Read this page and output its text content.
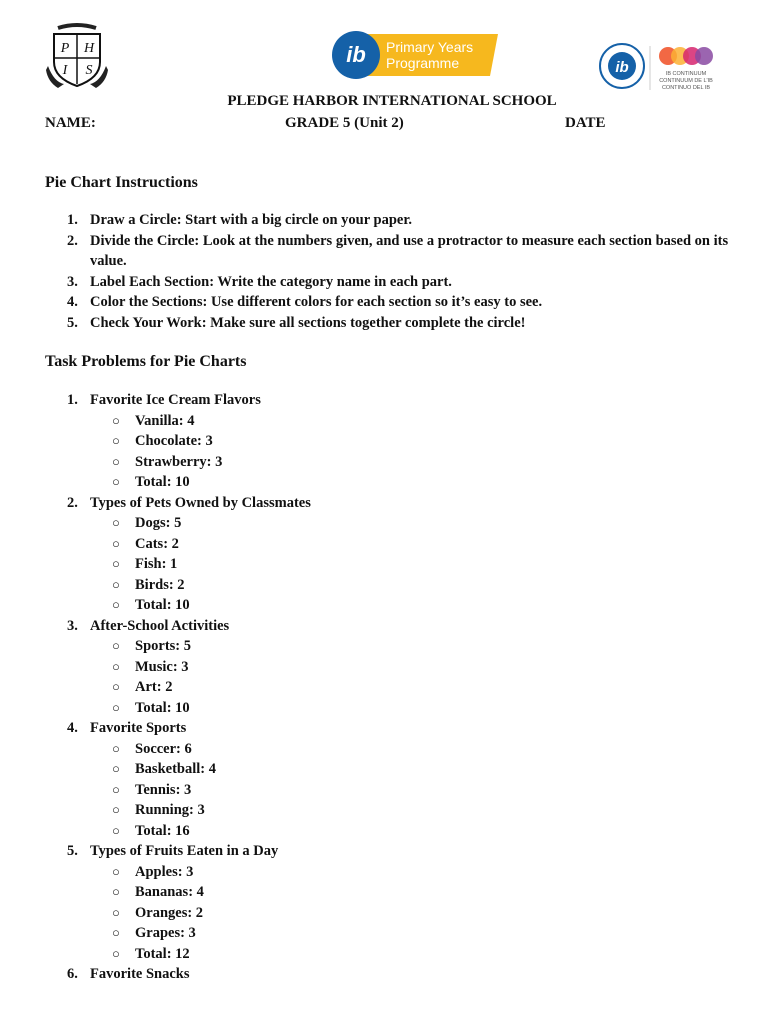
P H
I S
ib Primary Years
Programme	ib	IB CONTINUUM
CONTINUUM DE L'IB
CONTINUO DEL IB
PLEDGE HARBOR INTERNATIONAL SCHOOL
NAME:	GRADE 5 (Unit 2)	DATE
Pie Chart Instructions
1. Draw a Circle: Start with a big circle on your paper.
2. Divide the Circle: Look at the numbers given, and use a protractor to measure each section based on its value.
3. Label Each Section: Write the category name in each part.
4. Color the Sections: Use different colors for each section so it’s easy to see.
5. Check Your Work: Make sure all sections together complete the circle!
Task Problems for Pie Charts
1. Favorite Ice Cream Flavors
○ Vanilla: 4
○ Chocolate: 3
○ Strawberry: 3
○ Total: 10
2. Types of Pets Owned by Classmates
○ Dogs: 5
○ Cats: 2
○ Fish: 1
○ Birds: 2
○ Total: 10
3. After-School Activities
○ Sports: 5
○ Music: 3
○ Art: 2
○ Total: 10
4. Favorite Sports
○ Soccer: 6
○ Basketball: 4
○ Tennis: 3
○ Running: 3
○ Total: 16
5. Types of Fruits Eaten in a Day
○ Apples: 3
○ Bananas: 4
○ Oranges: 2
○ Grapes: 3
○ Total: 12
6. Favorite Snacks
